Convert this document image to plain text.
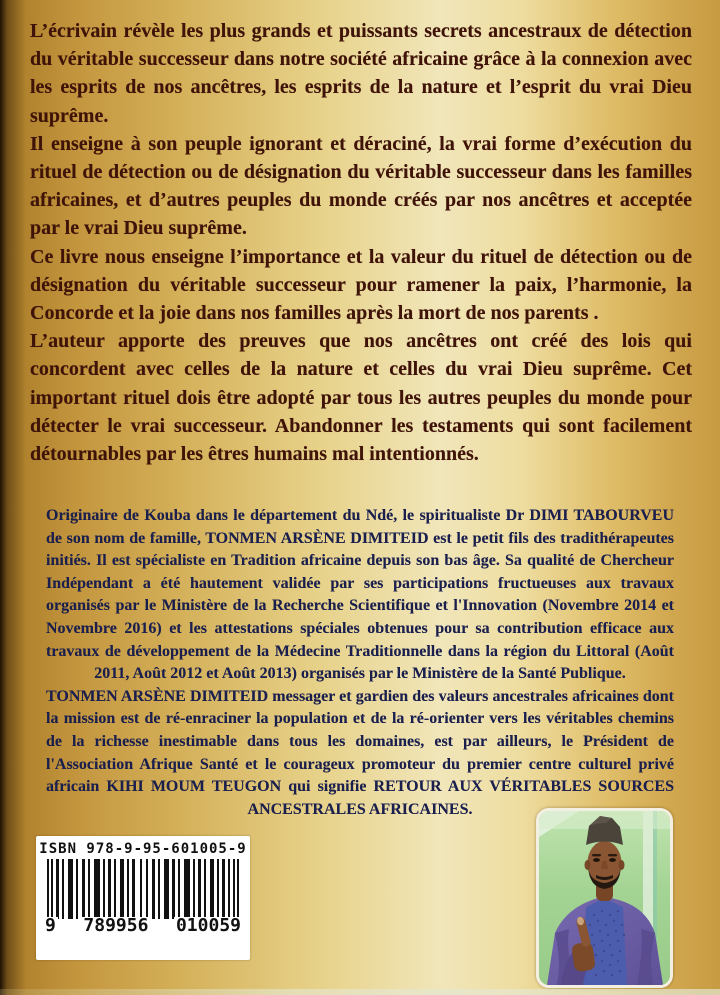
L’écrivain révèle les plus grands et puissants secrets ancestraux de détection du véritable successeur dans notre société africaine grâce à la connexion avec les esprits de nos ancêtres, les esprits de la nature et l’esprit du vrai Dieu suprême.

Il enseigne à son peuple ignorant et déraciné, la vrai forme d’exécution du rituel de détection ou de désignation du véritable successeur dans les familles africaines, et d’autres peuples du monde créés par nos ancêtres et acceptée par le vrai Dieu suprême.

Ce livre nous enseigne l’importance et la valeur du rituel de détection ou de désignation du véritable successeur pour ramener la paix, l’harmonie, la Concorde et la joie dans nos familles après la mort de nos parents .

L’auteur apporte des preuves que nos ancêtres ont créé des lois qui concordent avec celles de la nature et celles du vrai Dieu suprême. Cet important rituel dois être adopté par tous les autres peuples du monde pour détecter le vrai successeur. Abandonner les testaments qui sont facilement détournables par les êtres humains mal intentionnés.

Originaire de Kouba dans le département du Ndé, le spiritualiste Dr DIMI TABOURVEU de son nom de famille, TONMEN ARSÈNE DIMITEID est le petit fils des tradithérapeutes initiés. Il est spécialiste en Tradition africaine depuis son bas âge. Sa qualité de Chercheur Indépendant a été hautement validée par ses participations fructueuses aux travaux organisés par le Ministère de la Recherche Scientifique et l'Innovation (Novembre 2014 et Novembre 2016) et les attestations spéciales obtenues pour sa contribution efficace aux travaux de développement de la Médecine Traditionnelle dans la région du Littoral (Août 2011, Août 2012 et Août 2013) organisés par le Ministère de la Santé Publique.

TONMEN ARSÈNE DIMITEID messager et gardien des valeurs ancestrales africaines dont la mission est de ré-enraciner la population et de la ré-orienter vers les véritables chemins de la richesse inestimable dans tous les domaines, est par ailleurs, le Président de l'Association Afrique Santé et le courageux promoteur du premier centre culturel privé africain KIHI MOUM TEUGON qui signifie RETOUR AUX VÉRITABLES SOURCES ANCESTRALES AFRICAINES.

ISBN 978-9-95-601005-9
9 789956 010059
